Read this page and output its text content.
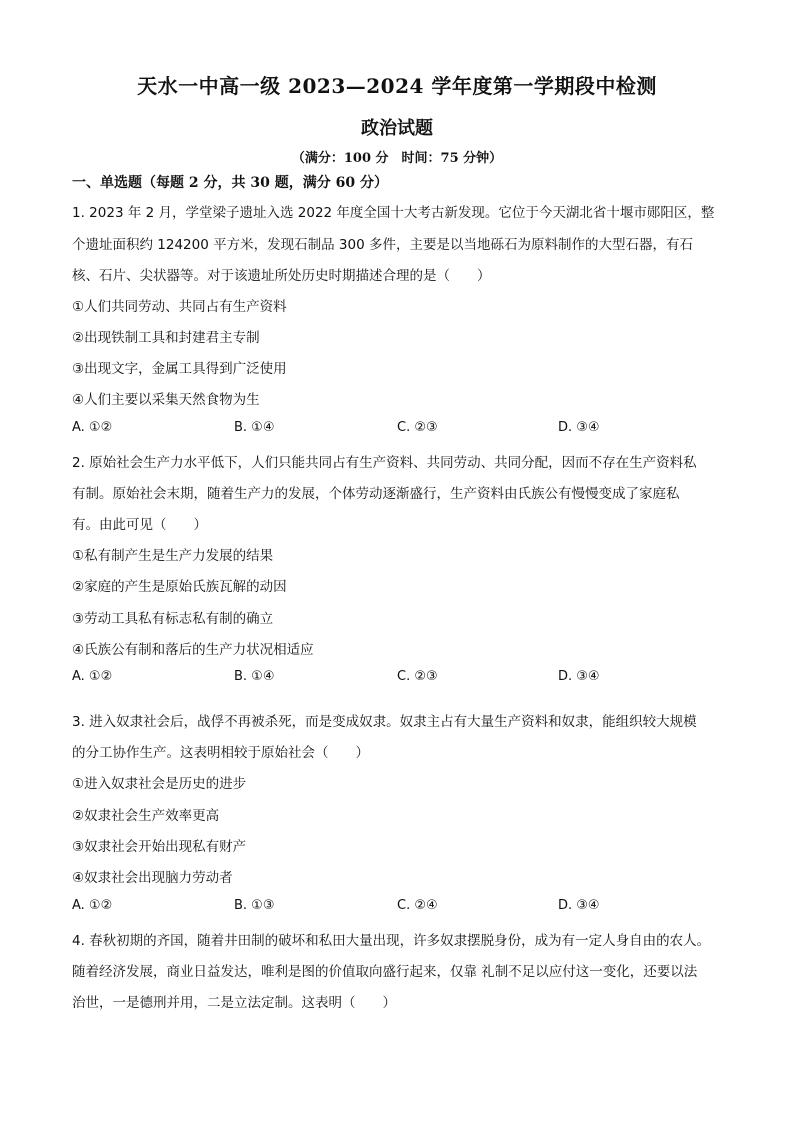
天水一中高一级 2023—2024 学年度第一学期段中检测
政治试题
（满分：100 分　时间：75 分钟）
一、单选题（每题 2 分，共 30 题，满分 60 分）
1. 2023 年 2 月，学堂梁子遗址入选 2022 年度全国十大考古新发现。它位于今天湖北省十堰市郧阳区，整
个遗址面积约 124200 平方米，发现石制品 300 多件，主要是以当地砾石为原料制作的大型石器，有石
核、石片、尖状器等。对于该遗址所处历史时期描述合理的是（　　）
①人们共同劳动、共同占有生产资料
②出现铁制工具和封建君主专制
③出现文字，金属工具得到广泛使用
④人们主要以采集天然食物为生
A. ①②	B. ①④	C. ②③	D. ③④
2. 原始社会生产力水平低下，人们只能共同占有生产资料、共同劳动、共同分配，因而不存在生产资料私
有制。原始社会末期，随着生产力的发展，个体劳动逐渐盛行，生产资料由氏族公有慢慢变成了家庭私
有。由此可见（　　）
①私有制产生是生产力发展的结果
②家庭的产生是原始氏族瓦解的动因
③劳动工具私有标志私有制的确立
④氏族公有制和落后的生产力状况相适应
A. ①②	B. ①④	C. ②③	D. ③④
3. 进入奴隶社会后，战俘不再被杀死，而是变成奴隶。奴隶主占有大量生产资料和奴隶，能组织较大规模
的分工协作生产。这表明相较于原始社会（　　）
①进入奴隶社会是历史的进步
②奴隶社会生产效率更高
③奴隶社会开始出现私有财产
④奴隶社会出现脑力劳动者
A. ①②	B. ①③	C. ②④	D. ③④
4. 春秋初期的齐国，随着井田制的破坏和私田大量出现，许多奴隶摆脱身份，成为有一定人身自由的农人。
随着经济发展，商业日益发达，唯利是图的价值取向盛行起来，仅靠 礼制不足以应付这一变化，还要以法
治世，一是德刑并用，二是立法定制。这表明（　　）
